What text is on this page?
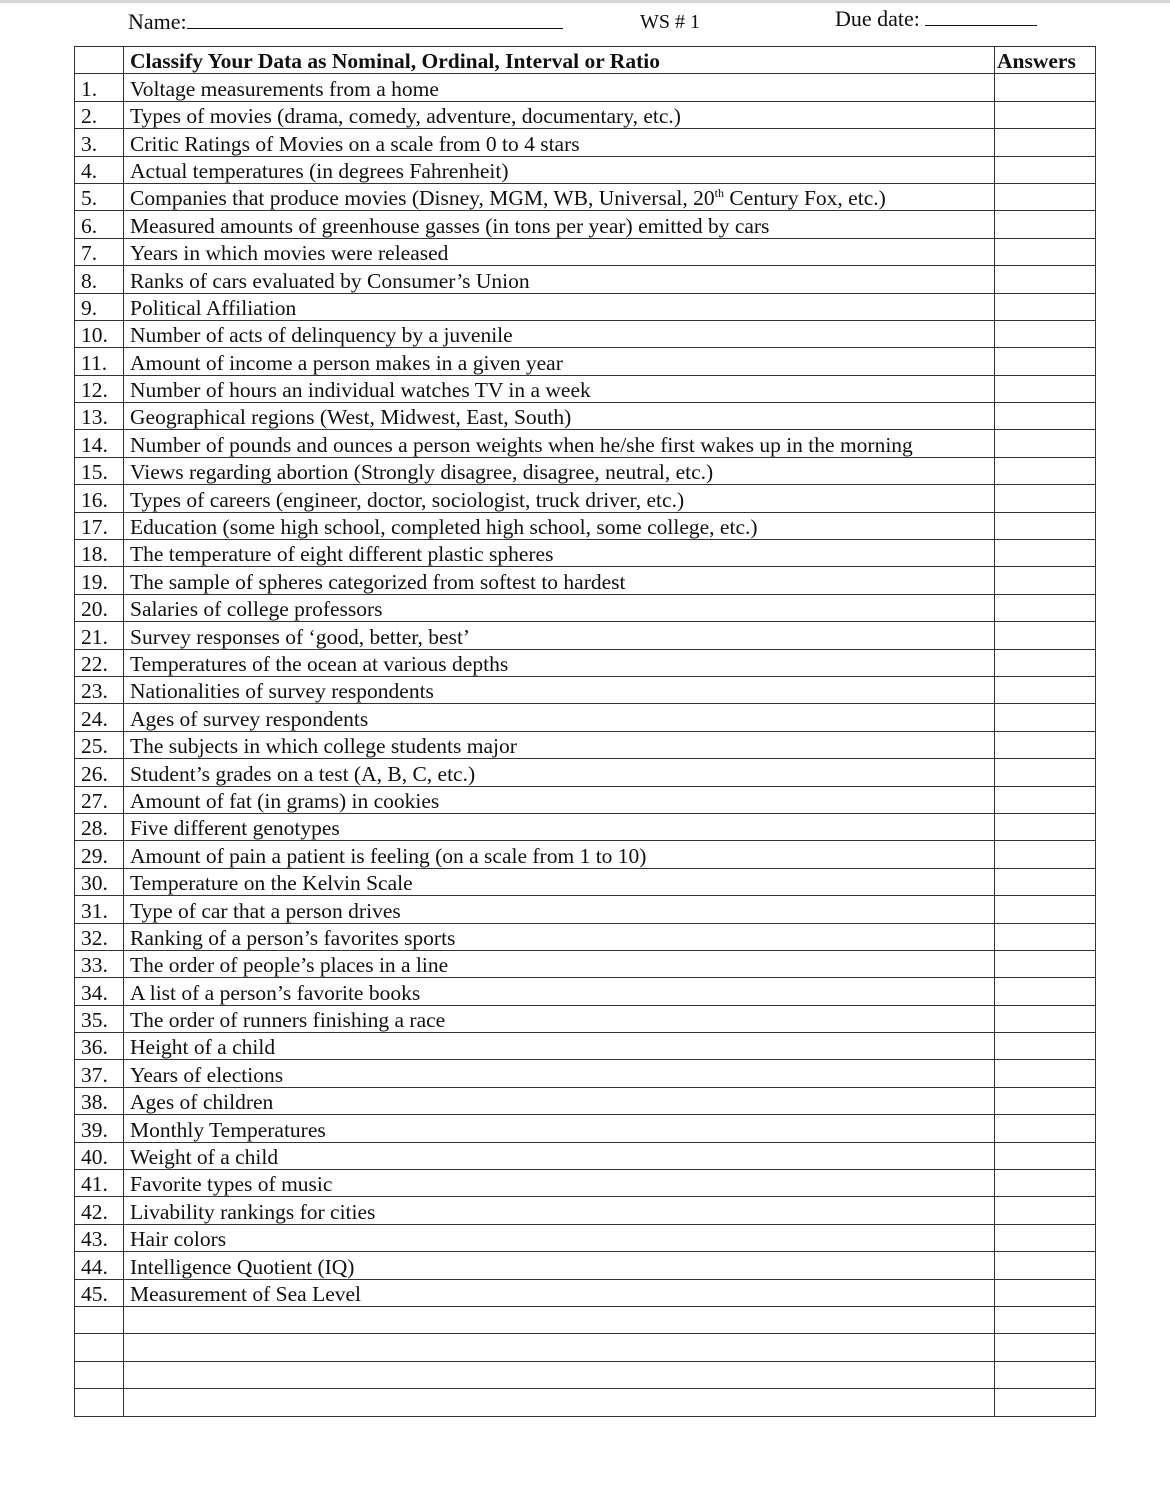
Name:	WS # 1	Due date:
	Classify Your Data as Nominal, Ordinal, Interval or Ratio	Answers
1.	Voltage measurements from a home	
2.	Types of movies (drama, comedy, adventure, documentary, etc.)	
3.	Critic Ratings of Movies on a scale from 0 to 4 stars	
4.	Actual temperatures (in degrees Fahrenheit)	
5.	Companies that produce movies (Disney, MGM, WB, Universal, 20th Century Fox, etc.)	
6.	Measured amounts of greenhouse gasses (in tons per year) emitted by cars	
7.	Years in which movies were released	
8.	Ranks of cars evaluated by Consumer’s Union	
9.	Political Affiliation	
10.	Number of acts of delinquency by a juvenile	
11.	Amount of income a person makes in a given year	
12.	Number of hours an individual watches TV in a week	
13.	Geographical regions (West, Midwest, East, South)	
14.	Number of pounds and ounces a person weights when he/she first wakes up in the morning	
15.	Views regarding abortion (Strongly disagree, disagree, neutral, etc.)	
16.	Types of careers (engineer, doctor, sociologist, truck driver, etc.)	
17.	Education (some high school, completed high school, some college, etc.)	
18.	The temperature of eight different plastic spheres	
19.	The sample of spheres categorized from softest to hardest	
20.	Salaries of college professors	
21.	Survey responses of ‘good, better, best’	
22.	Temperatures of the ocean at various depths	
23.	Nationalities of survey respondents	
24.	Ages of survey respondents	
25.	The subjects in which college students major	
26.	Student’s grades on a test (A, B, C, etc.)	
27.	Amount of fat (in grams) in cookies	
28.	Five different genotypes	
29.	Amount of pain a patient is feeling (on a scale from 1 to 10)	
30.	Temperature on the Kelvin Scale	
31.	Type of car that a person drives	
32.	Ranking of a person’s favorites sports	
33.	The order of people’s places in a line	
34.	A list of a person’s favorite books	
35.	The order of runners finishing a race	
36.	Height of a child	
37.	Years of elections	
38.	Ages of children	
39.	Monthly Temperatures	
40.	Weight of a child	
41.	Favorite types of music	
42.	Livability rankings for cities	
43.	Hair colors	
44.	Intelligence Quotient (IQ)	
45.	Measurement of Sea Level	
